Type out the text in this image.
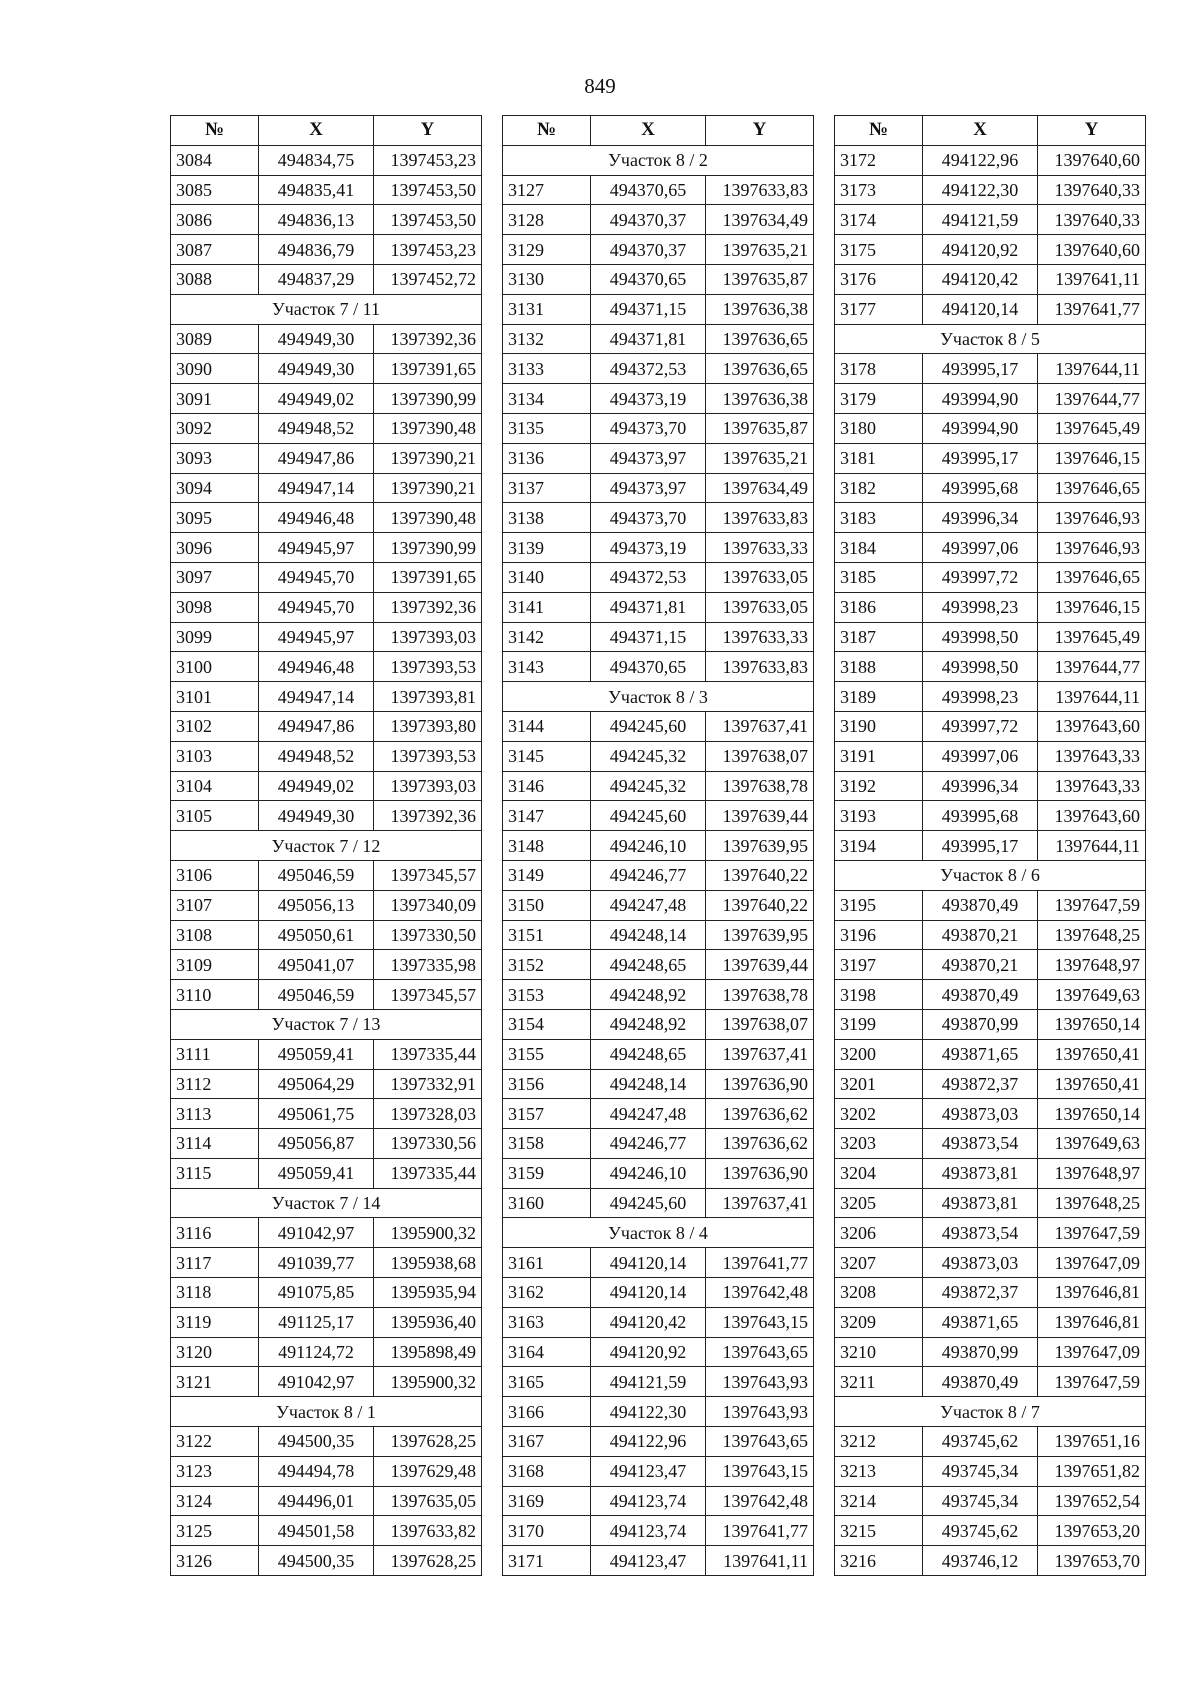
849
№	X	Y
3084	494834,75	1397453,23
3085	494835,41	1397453,50
3086	494836,13	1397453,50
3087	494836,79	1397453,23
3088	494837,29	1397452,72
Участок 7 / 11		
3089	494949,30	1397392,36
3090	494949,30	1397391,65
3091	494949,02	1397390,99
3092	494948,52	1397390,48
3093	494947,86	1397390,21
3094	494947,14	1397390,21
3095	494946,48	1397390,48
3096	494945,97	1397390,99
3097	494945,70	1397391,65
3098	494945,70	1397392,36
3099	494945,97	1397393,03
3100	494946,48	1397393,53
3101	494947,14	1397393,81
3102	494947,86	1397393,80
3103	494948,52	1397393,53
3104	494949,02	1397393,03
3105	494949,30	1397392,36
Участок 7 / 12		
3106	495046,59	1397345,57
3107	495056,13	1397340,09
3108	495050,61	1397330,50
3109	495041,07	1397335,98
3110	495046,59	1397345,57
Участок 7 / 13		
3111	495059,41	1397335,44
3112	495064,29	1397332,91
3113	495061,75	1397328,03
3114	495056,87	1397330,56
3115	495059,41	1397335,44
Участок 7 / 14		
3116	491042,97	1395900,32
3117	491039,77	1395938,68
3118	491075,85	1395935,94
3119	491125,17	1395936,40
3120	491124,72	1395898,49
3121	491042,97	1395900,32
Участок 8 / 1		
3122	494500,35	1397628,25
3123	494494,78	1397629,48
3124	494496,01	1397635,05
3125	494501,58	1397633,82
3126	494500,35	1397628,25
№	X	Y
Участок 8 / 2		
3127	494370,65	1397633,83
3128	494370,37	1397634,49
3129	494370,37	1397635,21
3130	494370,65	1397635,87
3131	494371,15	1397636,38
3132	494371,81	1397636,65
3133	494372,53	1397636,65
3134	494373,19	1397636,38
3135	494373,70	1397635,87
3136	494373,97	1397635,21
3137	494373,97	1397634,49
3138	494373,70	1397633,83
3139	494373,19	1397633,33
3140	494372,53	1397633,05
3141	494371,81	1397633,05
3142	494371,15	1397633,33
3143	494370,65	1397633,83
Участок 8 / 3		
3144	494245,60	1397637,41
3145	494245,32	1397638,07
3146	494245,32	1397638,78
3147	494245,60	1397639,44
3148	494246,10	1397639,95
3149	494246,77	1397640,22
3150	494247,48	1397640,22
3151	494248,14	1397639,95
3152	494248,65	1397639,44
3153	494248,92	1397638,78
3154	494248,92	1397638,07
3155	494248,65	1397637,41
3156	494248,14	1397636,90
3157	494247,48	1397636,62
3158	494246,77	1397636,62
3159	494246,10	1397636,90
3160	494245,60	1397637,41
Участок 8 / 4		
3161	494120,14	1397641,77
3162	494120,14	1397642,48
3163	494120,42	1397643,15
3164	494120,92	1397643,65
3165	494121,59	1397643,93
3166	494122,30	1397643,93
3167	494122,96	1397643,65
3168	494123,47	1397643,15
3169	494123,74	1397642,48
3170	494123,74	1397641,77
3171	494123,47	1397641,11
№	X	Y
3172	494122,96	1397640,60
3173	494122,30	1397640,33
3174	494121,59	1397640,33
3175	494120,92	1397640,60
3176	494120,42	1397641,11
3177	494120,14	1397641,77
Участок 8 / 5		
3178	493995,17	1397644,11
3179	493994,90	1397644,77
3180	493994,90	1397645,49
3181	493995,17	1397646,15
3182	493995,68	1397646,65
3183	493996,34	1397646,93
3184	493997,06	1397646,93
3185	493997,72	1397646,65
3186	493998,23	1397646,15
3187	493998,50	1397645,49
3188	493998,50	1397644,77
3189	493998,23	1397644,11
3190	493997,72	1397643,60
3191	493997,06	1397643,33
3192	493996,34	1397643,33
3193	493995,68	1397643,60
3194	493995,17	1397644,11
Участок 8 / 6		
3195	493870,49	1397647,59
3196	493870,21	1397648,25
3197	493870,21	1397648,97
3198	493870,49	1397649,63
3199	493870,99	1397650,14
3200	493871,65	1397650,41
3201	493872,37	1397650,41
3202	493873,03	1397650,14
3203	493873,54	1397649,63
3204	493873,81	1397648,97
3205	493873,81	1397648,25
3206	493873,54	1397647,59
3207	493873,03	1397647,09
3208	493872,37	1397646,81
3209	493871,65	1397646,81
3210	493870,99	1397647,09
3211	493870,49	1397647,59
Участок 8 / 7		
3212	493745,62	1397651,16
3213	493745,34	1397651,82
3214	493745,34	1397652,54
3215	493745,62	1397653,20
3216	493746,12	1397653,70
